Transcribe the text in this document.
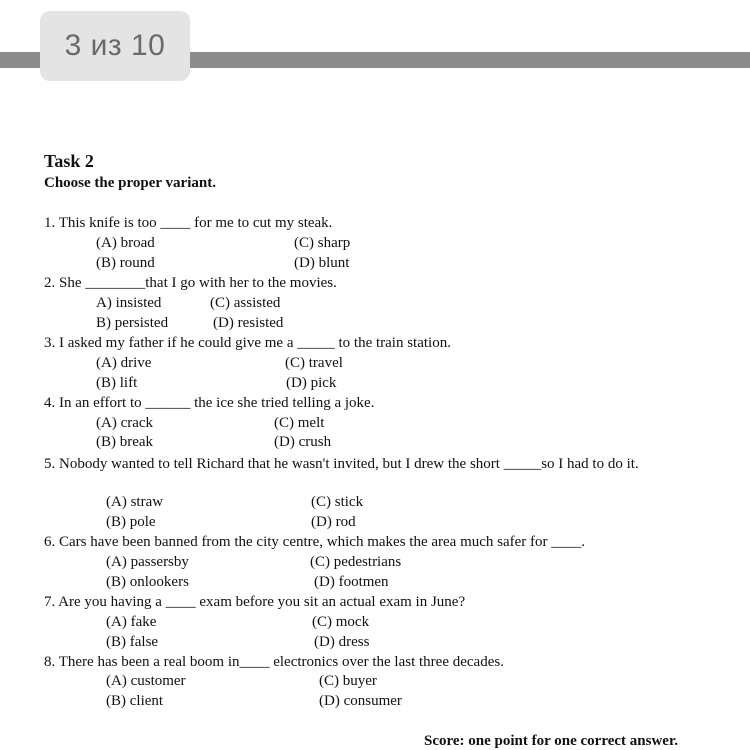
3 из 10
Task 2
Choose the proper variant.
1. This knife is too ____ for me to cut my steak.
(A) broad	(C) sharp
(B) round	(D) blunt
2. She ________that I go with her to the movies.
A) insisted	(C) assisted
B) persisted	(D) resisted
3. I asked my father if he could give me a _____ to the train station.
(A) drive	(C) travel
(B) lift	(D) pick
4. In an effort to ______ the ice she tried telling a joke.
(A) crack	(C) melt
(B) break	(D) crush
5. Nobody wanted to tell Richard that he wasn't invited, but I drew the short _____so I had to do it.
(A) straw	(C) stick
(B) pole	(D) rod
6. Cars have been banned from the city centre, which makes the area much safer for ____.
(A) passersby	(C) pedestrians
(B) onlookers	(D) footmen
7. Are you having a ____ exam before you sit an actual exam in June?
(A) fake	(C) mock
(B) false	(D) dress
8. There has been a real boom in____ electronics over the last three decades.
(A) customer	(C) buyer
(B) client	(D) consumer
Score: one point for one correct answer.
